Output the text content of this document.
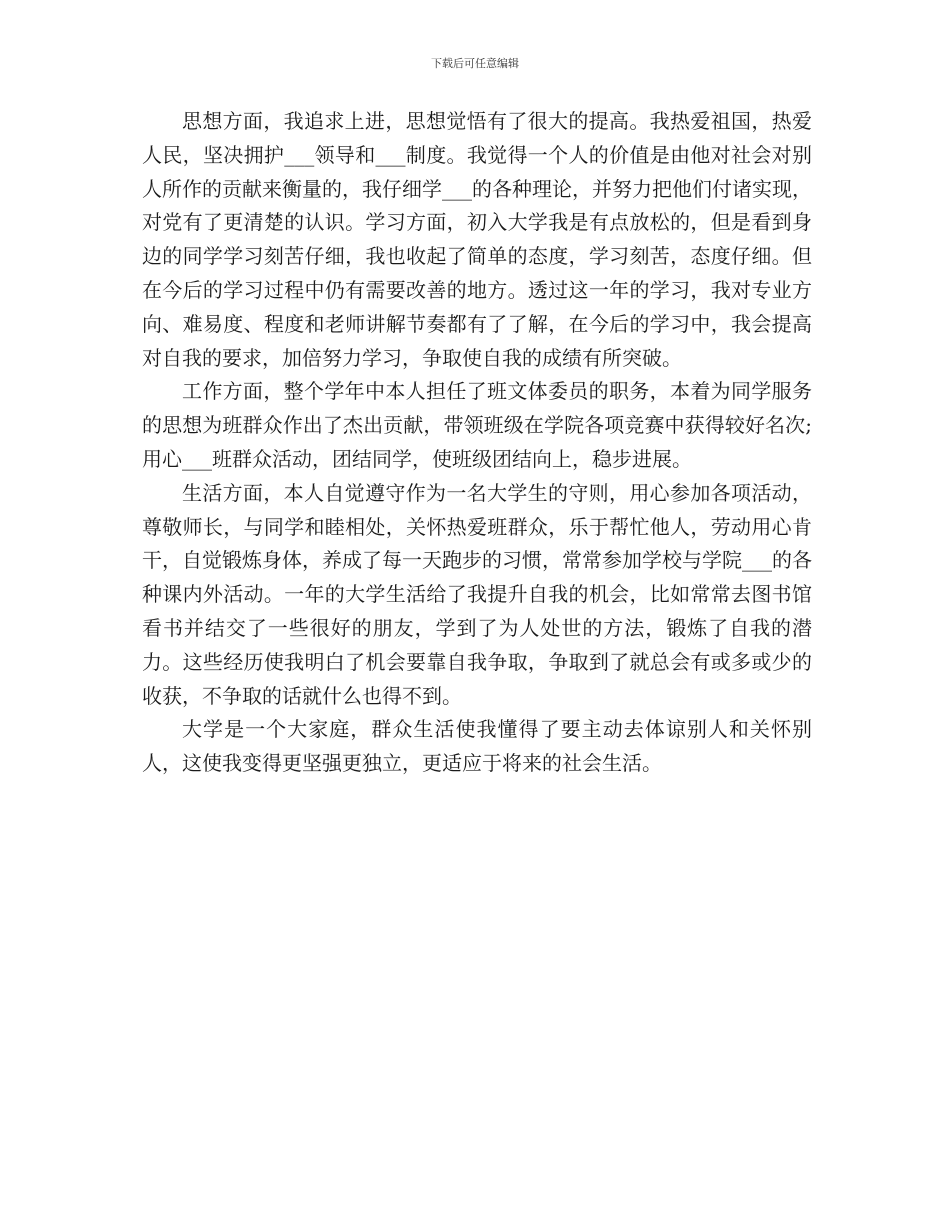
下载后可任意编辑

思想方面，我追求上进，思想觉悟有了很大的提高。我热爱祖国，热爱人民，坚决拥护___领导和___制度。我觉得一个人的价值是由他对社会对别人所作的贡献来衡量的，我仔细学___的各种理论，并努力把他们付诸实现，对党有了更清楚的认识。学习方面，初入大学我是有点放松的，但是看到身边的同学学习刻苦仔细，我也收起了简单的态度，学习刻苦，态度仔细。但在今后的学习过程中仍有需要改善的地方。透过这一年的学习，我对专业方向、难易度、程度和老师讲解节奏都有了了解，在今后的学习中，我会提高对自我的要求，加倍努力学习，争取使自我的成绩有所突破。

工作方面，整个学年中本人担任了班文体委员的职务，本着为同学服务的思想为班群众作出了杰出贡献，带领班级在学院各项竞赛中获得较好名次;用心___班群众活动，团结同学，使班级团结向上，稳步进展。

生活方面，本人自觉遵守作为一名大学生的守则，用心参加各项活动，尊敬师长，与同学和睦相处，关怀热爱班群众，乐于帮忙他人，劳动用心肯干，自觉锻炼身体，养成了每一天跑步的习惯，常常参加学校与学院___的各种课内外活动。一年的大学生活给了我提升自我的机会，比如常常去图书馆看书并结交了一些很好的朋友，学到了为人处世的方法，锻炼了自我的潜力。这些经历使我明白了机会要靠自我争取，争取到了就总会有或多或少的收获，不争取的话就什么也得不到。

大学是一个大家庭，群众生活使我懂得了要主动去体谅别人和关怀别人，这使我变得更坚强更独立，更适应于将来的社会生活。
